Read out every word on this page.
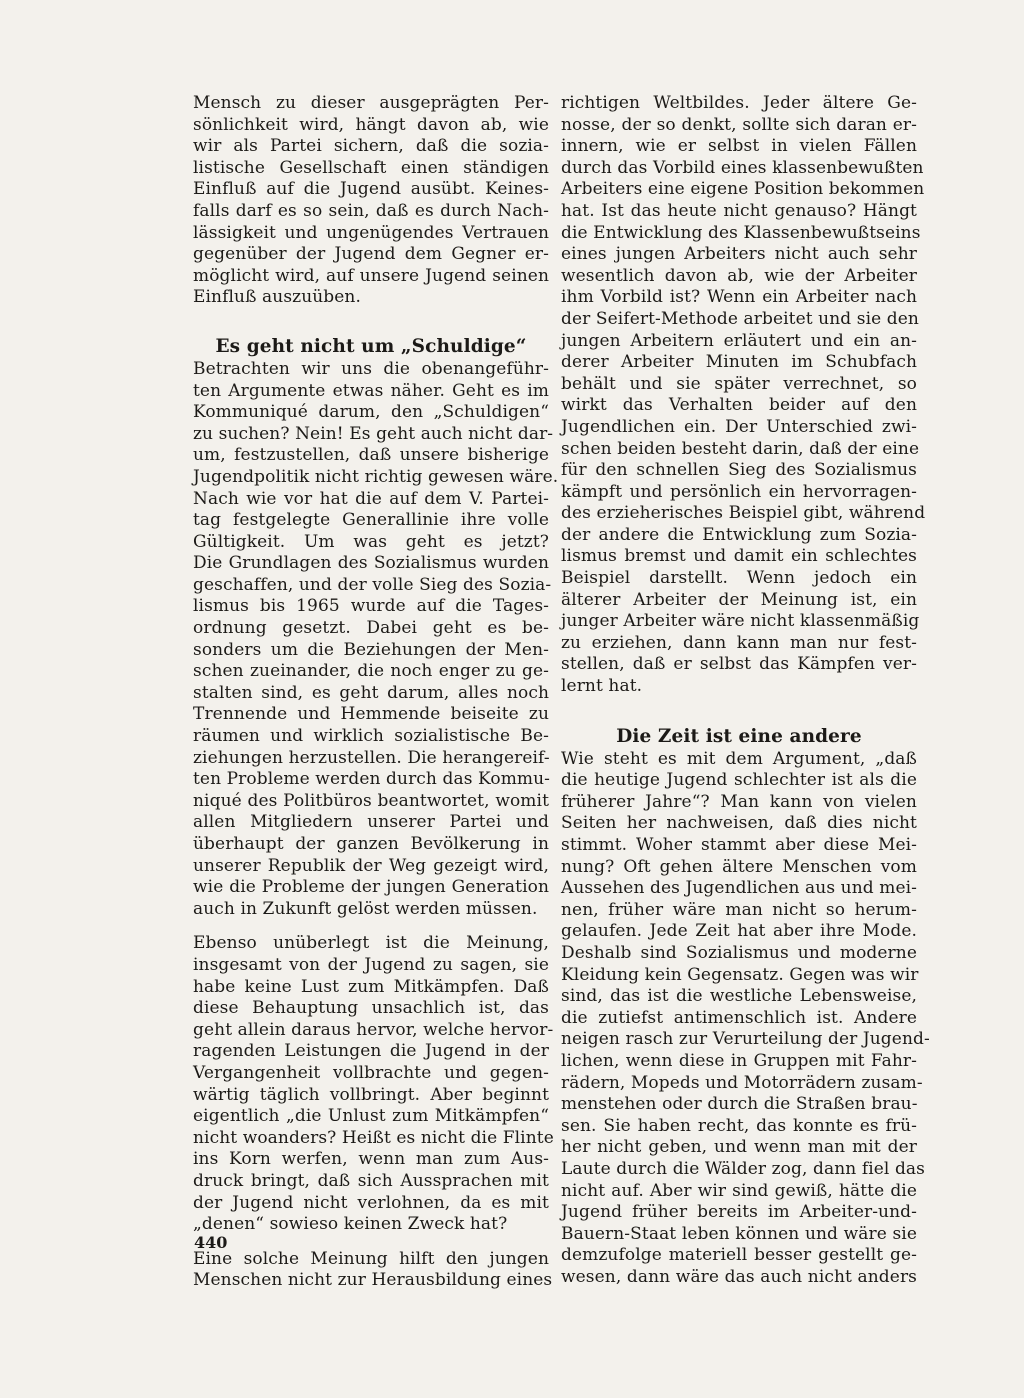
Mensch zu dieser ausgeprägten Per-
sönlichkeit wird, hängt davon ab, wie
wir als Partei sichern, daß die sozia-
listische Gesellschaft einen ständigen
Einfluß auf die Jugend ausübt. Keines-
falls darf es so sein, daß es durch Nach-
lässigkeit und ungenügendes Vertrauen
gegenüber der Jugend dem Gegner er-
möglicht wird, auf unsere Jugend seinen
Einfluß auszuüben.
Es geht nicht um „Schuldige“
Betrachten wir uns die obenangeführ-
ten Argumente etwas näher. Geht es im
Kommuniqué darum, den „Schuldigen“
zu suchen? Nein! Es geht auch nicht dar-
um, festzustellen, daß unsere bisherige
Jugendpolitik nicht richtig gewesen wäre.
Nach wie vor hat die auf dem V. Partei-
tag festgelegte Generallinie ihre volle
Gültigkeit. Um was geht es jetzt?
Die Grundlagen des Sozialismus wurden
geschaffen, und der volle Sieg des Sozia-
lismus bis 1965 wurde auf die Tages-
ordnung gesetzt. Dabei geht es be-
sonders um die Beziehungen der Men-
schen zueinander, die noch enger zu ge-
stalten sind, es geht darum, alles noch
Trennende und Hemmende beiseite zu
räumen und wirklich sozialistische Be-
ziehungen herzustellen. Die herangereif-
ten Probleme werden durch das Kommu-
niqué des Politbüros beantwortet, womit
allen Mitgliedern unserer Partei und
überhaupt der ganzen Bevölkerung in
unserer Republik der Weg gezeigt wird,
wie die Probleme der jungen Generation
auch in Zukunft gelöst werden müssen.
Ebenso unüberlegt ist die Meinung,
insgesamt von der Jugend zu sagen, sie
habe keine Lust zum Mitkämpfen. Daß
diese Behauptung unsachlich ist, das
geht allein daraus hervor, welche hervor-
ragenden Leistungen die Jugend in der
Vergangenheit vollbrachte und gegen-
wärtig täglich vollbringt. Aber beginnt
eigentlich „die Unlust zum Mitkämpfen“
nicht woanders? Heißt es nicht die Flinte
ins Korn werfen, wenn man zum Aus-
druck bringt, daß sich Aussprachen mit
der Jugend nicht verlohnen, da es mit
„denen“ sowieso keinen Zweck hat?
Eine solche Meinung hilft den jungen
Menschen nicht zur Herausbildung eines
richtigen Weltbildes. Jeder ältere Ge-
nosse, der so denkt, sollte sich daran er-
innern, wie er selbst in vielen Fällen
durch das Vorbild eines klassenbewußten
Arbeiters eine eigene Position bekommen
hat. Ist das heute nicht genauso? Hängt
die Entwicklung des Klassenbewußtseins
eines jungen Arbeiters nicht auch sehr
wesentlich davon ab, wie der Arbeiter
ihm Vorbild ist? Wenn ein Arbeiter nach
der Seifert-Methode arbeitet und sie den
jungen Arbeitern erläutert und ein an-
derer Arbeiter Minuten im Schubfach
behält und sie später verrechnet, so
wirkt das Verhalten beider auf den
Jugendlichen ein. Der Unterschied zwi-
schen beiden besteht darin, daß der eine
für den schnellen Sieg des Sozialismus
kämpft und persönlich ein hervorragen-
des erzieherisches Beispiel gibt, während
der andere die Entwicklung zum Sozia-
lismus bremst und damit ein schlechtes
Beispiel darstellt. Wenn jedoch ein
älterer Arbeiter der Meinung ist, ein
junger Arbeiter wäre nicht klassenmäßig
zu erziehen, dann kann man nur fest-
stellen, daß er selbst das Kämpfen ver-
lernt hat.
Die Zeit ist eine andere
Wie steht es mit dem Argument, „daß
die heutige Jugend schlechter ist als die
früherer Jahre“? Man kann von vielen
Seiten her nachweisen, daß dies nicht
stimmt. Woher stammt aber diese Mei-
nung? Oft gehen ältere Menschen vom
Aussehen des Jugendlichen aus und mei-
nen, früher wäre man nicht so herum-
gelaufen. Jede Zeit hat aber ihre Mode.
Deshalb sind Sozialismus und moderne
Kleidung kein Gegensatz. Gegen was wir
sind, das ist die westliche Lebensweise,
die zutiefst antimenschlich ist. Andere
neigen rasch zur Verurteilung der Jugend-
lichen, wenn diese in Gruppen mit Fahr-
rädern, Mopeds und Motorrädern zusam-
menstehen oder durch die Straßen brau-
sen. Sie haben recht, das konnte es frü-
her nicht geben, und wenn man mit der
Laute durch die Wälder zog, dann fiel das
nicht auf. Aber wir sind gewiß, hätte die
Jugend früher bereits im Arbeiter-und-
Bauern-Staat leben können und wäre sie
demzufolge materiell besser gestellt ge-
wesen, dann wäre das auch nicht anders
440
